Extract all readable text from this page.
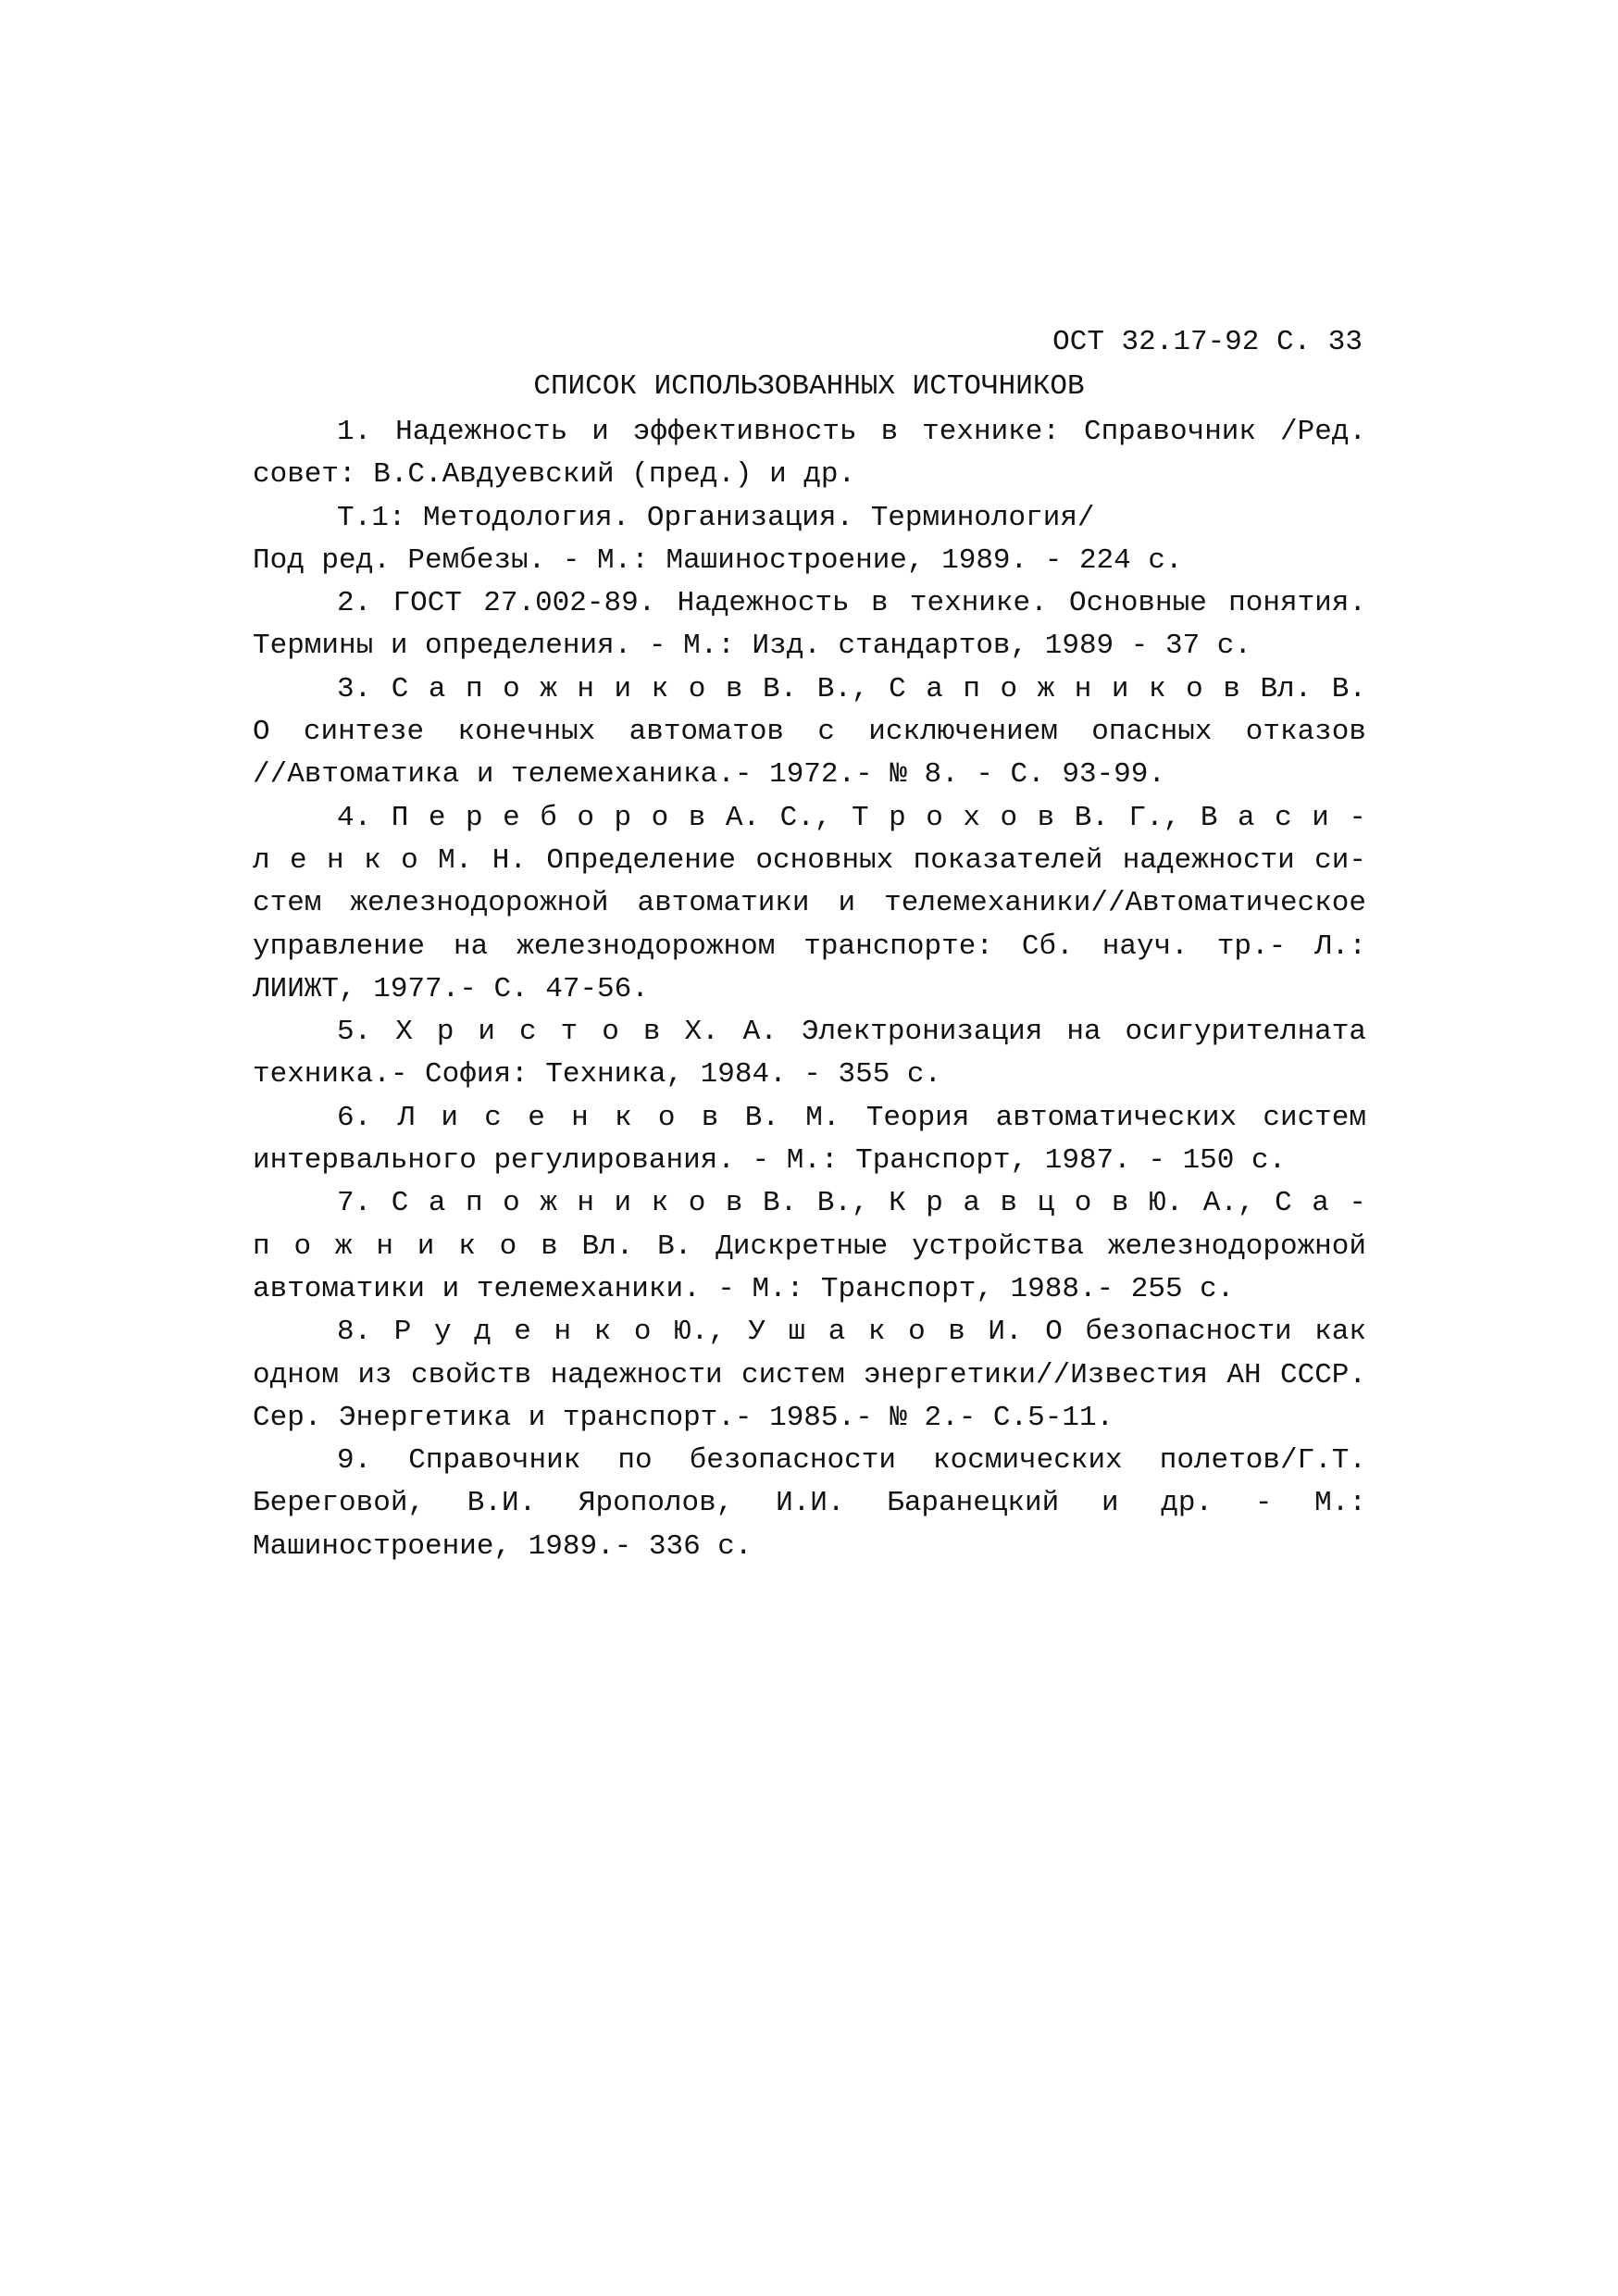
ОСТ 32.17-92 С. 33
СПИСОК ИСПОЛЬЗОВАННЫХ ИСТОЧНИКОВ
1. Надежность и эффективность в технике: Справочник /Ред.
совет: В.С.Авдуевский (пред.) и др.
Т.1: Методология. Организация. Терминология/
Под ред. Рембезы. - М.: Машиностроение, 1989. - 224 с.
2. ГОСТ 27.002-89. Надежность в технике. Основные понятия.
Термины и определения. - М.: Изд. стандартов, 1989 - 37 с.
3. С а п о ж н и к о в В. В., С а п о ж н и к о в Вл. В.
О синтезе конечных автоматов с исключением опасных отказов
//Автоматика и телемеханика.- 1972.- № 8. - С. 93-99.
4. П е р е б о р о в А. С., Т р о х о в В. Г., В а с и -
л е н к о М. Н. Определение основных показателей надежности си-
стем железнодорожной автоматики и телемеханики//Автоматическое
управление на железнодорожном транспорте: Сб. науч. тр.- Л.:
ЛИИЖТ, 1977.- С. 47-56.
5. Х р и с т о в Х. А. Электронизация на осигурителната
техника.- София: Техника, 1984. - 355 с.
6. Л и с е н к о в В. М. Теория автоматических систем
интервального регулирования. - М.: Транспорт, 1987. - 150 с.
7. С а п о ж н и к о в В. В., К р а в ц о в Ю. А., С а -
п о ж н и к о в Вл. В. Дискретные устройства железнодорожной
автоматики и телемеханики. - М.: Транспорт, 1988.- 255 с.
8. Р у д е н к о Ю., У ш а к о в И. О безопасности как
одном из свойств надежности систем энергетики//Известия АН СССР.
Сер. Энергетика и транспорт.- 1985.- № 2.- С.5-11.
9. Справочник по безопасности космических полетов/Г.Т.
Береговой, В.И. Ярополов, И.И. Баранецкий и др. - М.:
Машиностроение, 1989.- 336 с.
